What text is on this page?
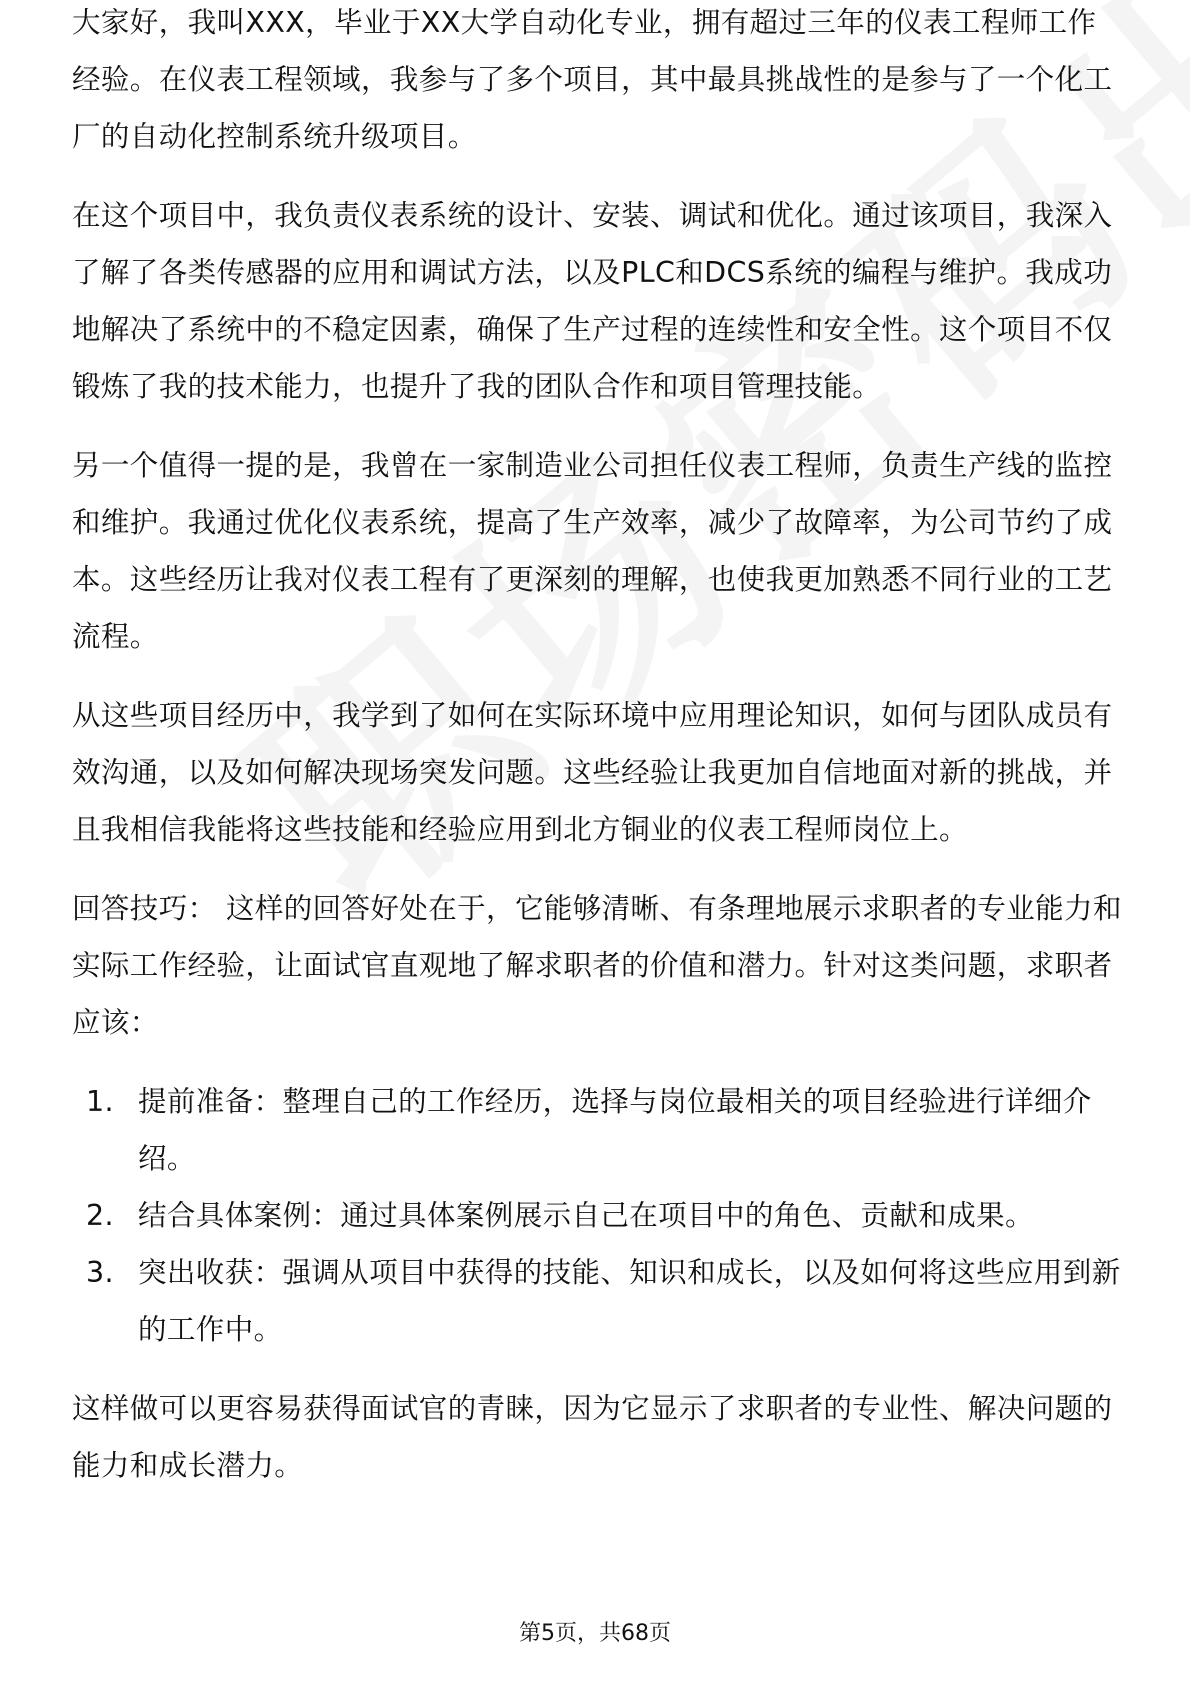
大家好，我叫XXX，毕业于XX大学自动化专业，拥有超过三年的仪表工程师工作经验。在仪表工程领域，我参与了多个项目，其中最具挑战性的是参与了一个化工厂的自动化控制系统升级项目。

在这个项目中，我负责仪表系统的设计、安装、调试和优化。通过该项目，我深入了解了各类传感器的应用和调试方法，以及PLC和DCS系统的编程与维护。我成功地解决了系统中的不稳定因素，确保了生产过程的连续性和安全性。这个项目不仅锻炼了我的技术能力，也提升了我的团队合作和项目管理技能。

另一个值得一提的是，我曾在一家制造业公司担任仪表工程师，负责生产线的监控和维护。我通过优化仪表系统，提高了生产效率，减少了故障率，为公司节约了成本。这些经历让我对仪表工程有了更深刻的理解，也使我更加熟悉不同行业的工艺流程。

从这些项目经历中，我学到了如何在实际环境中应用理论知识，如何与团队成员有效沟通，以及如何解决现场突发问题。这些经验让我更加自信地面对新的挑战，并且我相信我能将这些技能和经验应用到北方铜业的仪表工程师岗位上。

回答技巧： 这样的回答好处在于，它能够清晰、有条理地展示求职者的专业能力和实际工作经验，让面试官直观地了解求职者的价值和潜力。针对这类问题，求职者应该：

1. 提前准备：整理自己的工作经历，选择与岗位最相关的项目经验进行详细介绍。
2. 结合具体案例：通过具体案例展示自己在项目中的角色、贡献和成果。
3. 突出收获：强调从项目中获得的技能、知识和成长，以及如何将这些应用到新的工作中。

这样做可以更容易获得面试官的青睐，因为它显示了求职者的专业性、解决问题的能力和成长潜力。

第5页，共68页
